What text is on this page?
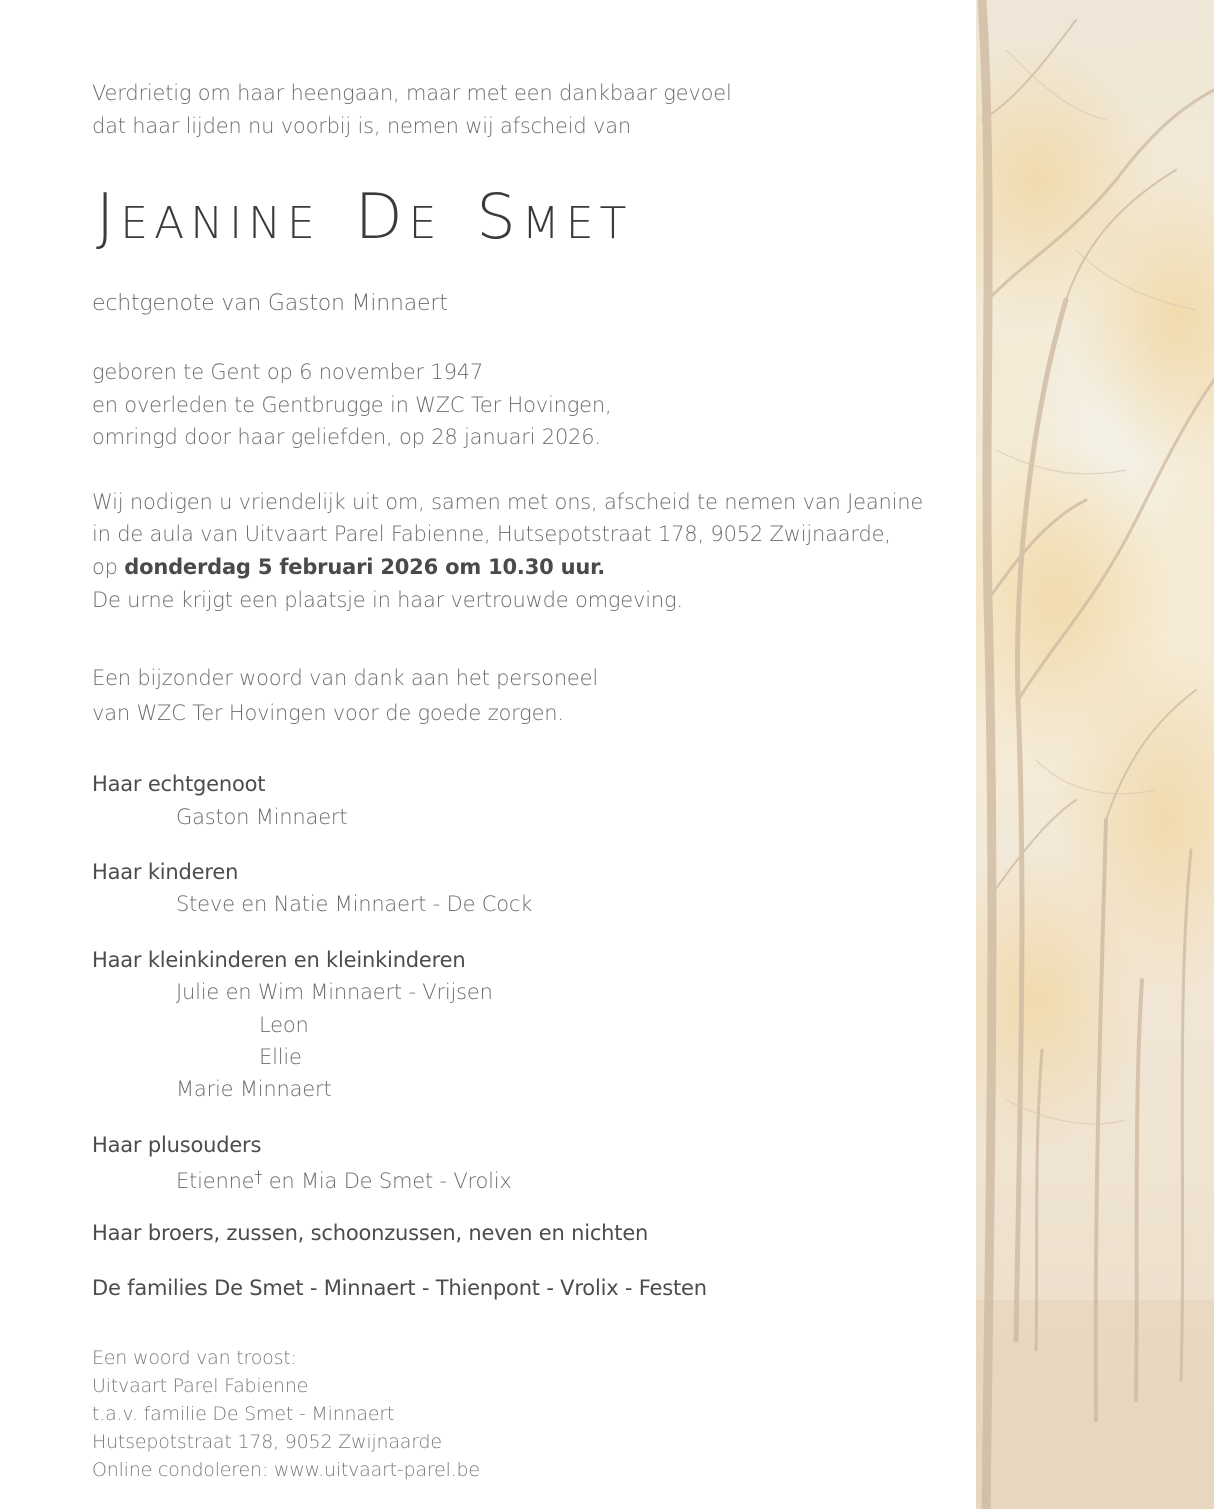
Verdrietig om haar heengaan, maar met een dankbaar gevoel
dat haar lijden nu voorbij is, nemen wij afscheid van
JEANINE DE SMET
echtgenote van Gaston Minnaert
geboren te Gent op 6 november 1947
en overleden te Gentbrugge in WZC Ter Hovingen,
omringd door haar geliefden, op 28 januari 2026.
Wij nodigen u vriendelijk uit om, samen met ons, afscheid te nemen van Jeanine
in de aula van Uitvaart Parel Fabienne, Hutsepotstraat 178, 9052 Zwijnaarde,
op donderdag 5 februari 2026 om 10.30 uur.
De urne krijgt een plaatsje in haar vertrouwde omgeving.
Een bijzonder woord van dank aan het personeel
van WZC Ter Hovingen voor de goede zorgen.
Haar echtgenoot
Gaston Minnaert
Haar kinderen
Steve en Natie Minnaert - De Cock
Haar kleinkinderen en kleinkinderen
Julie en Wim Minnaert - Vrijsen
Leon
Ellie
Marie Minnaert
Haar plusouders
Etienne† en Mia De Smet - Vrolix
Haar broers, zussen, schoonzussen, neven en nichten
De families De Smet - Minnaert - Thienpont - Vrolix - Festen
Een woord van troost:
Uitvaart Parel Fabienne
t.a.v. familie De Smet - Minnaert
Hutsepotstraat 178, 9052 Zwijnaarde
Online condoleren: www.uitvaart-parel.be
